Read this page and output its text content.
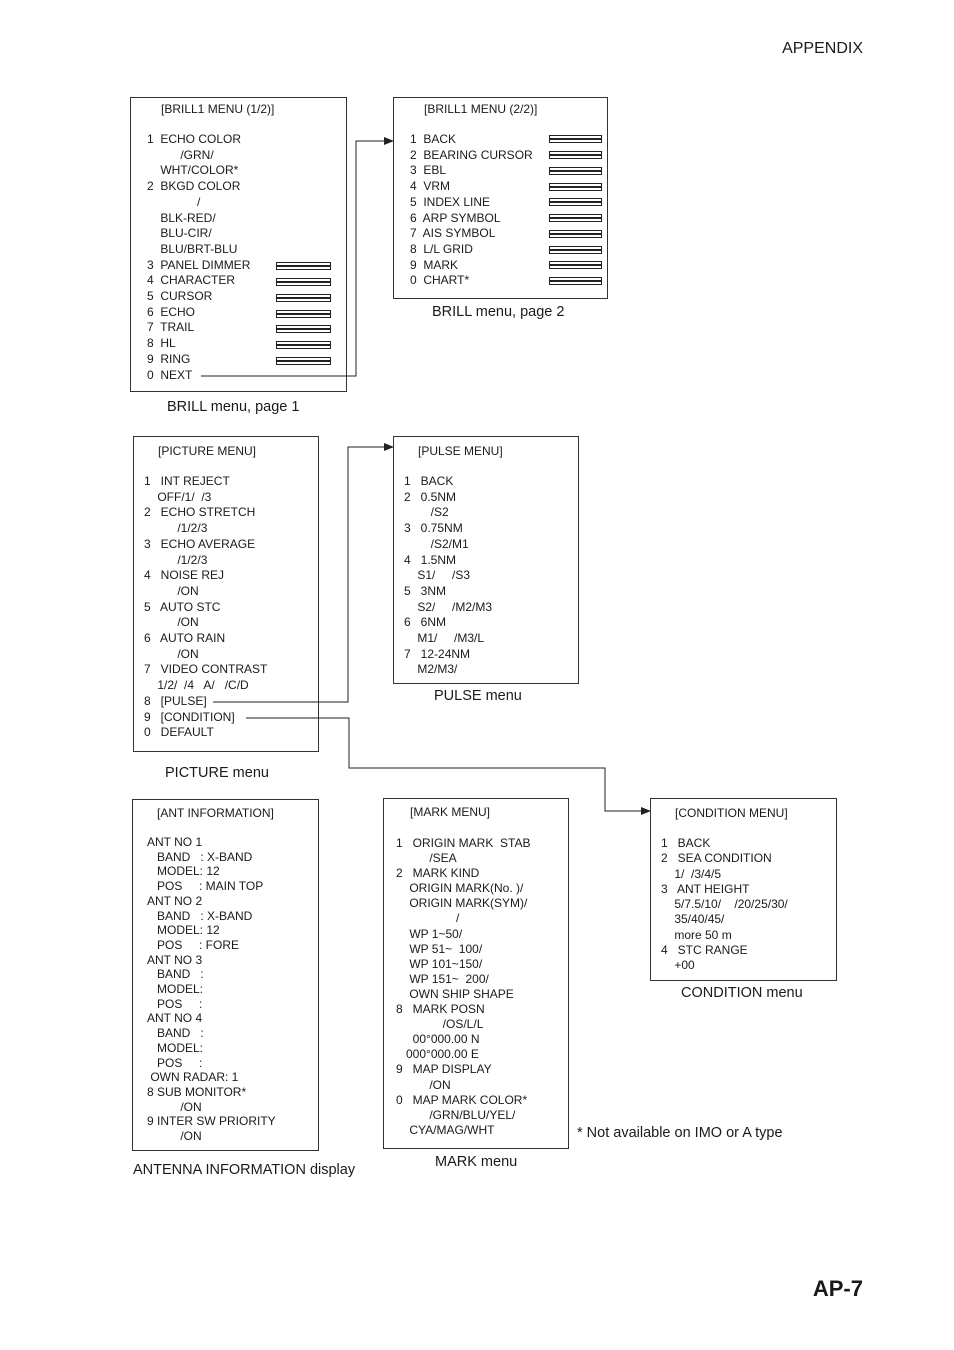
APPENDIX
[BRILL1 MENU (1/2)]
1  ECHO COLOR
/GRN/
WHT/COLOR*
2  BKGD COLOR
/
BLK-RED/
BLU-CIR/
BLU/BRT-BLU
3  PANEL DIMMER
4  CHARACTER
5  CURSOR
6  ECHO
7  TRAIL
8  HL
9  RING
0  NEXT
BRILL menu, page 1
[BRILL1 MENU (2/2)]
1  BACK
2  BEARING CURSOR
3  EBL
4  VRM
5  INDEX LINE
6  ARP SYMBOL
7  AIS SYMBOL
8  L/L GRID
9  MARK
0  CHART*
BRILL menu, page 2
[PICTURE MENU]
1   INT REJECT
OFF/1/  /3
2   ECHO STRETCH
/1/2/3
3   ECHO AVERAGE
/1/2/3
4   NOISE REJ
/ON
5   AUTO STC
/ON
6   AUTO RAIN
/ON
7   VIDEO CONTRAST
1/2/  /4   A/   /C/D
8   [PULSE]
9   [CONDITION]
0   DEFAULT
PICTURE menu
[PULSE MENU]
1   BACK
2   0.5NM
/S2
3   0.75NM
/S2/M1
4   1.5NM
S1/     /S3
5   3NM
S2/     /M2/M3
6   6NM
M1/     /M3/L
7   12-24NM
M2/M3/
PULSE menu
[ANT INFORMATION]
ANT NO 1
BAND   : X-BAND
MODEL: 12
POS     : MAIN TOP
ANT NO 2
BAND   : X-BAND
MODEL: 12
POS     : FORE
ANT NO 3
BAND   :
MODEL:
POS     :
ANT NO 4
BAND   :
MODEL:
POS     :
OWN RADAR: 1
8 SUB MONITOR*
/ON
9 INTER SW PRIORITY
/ON
ANTENNA INFORMATION display
[MARK MENU]
1   ORIGIN MARK  STAB
/SEA
2   MARK KIND
ORIGIN MARK(No. )/
ORIGIN MARK(SYM)/
/
WP 1~50/
WP 51~  100/
WP 101~150/
WP 151~  200/
OWN SHIP SHAPE
8   MARK POSN
/OS/L/L
00°000.00 N
000°000.00 E
9   MAP DISPLAY
/ON
0   MAP MARK COLOR*
/GRN/BLU/YEL/
CYA/MAG/WHT
MARK menu
[CONDITION MENU]
1   BACK
2   SEA CONDITION
1/  /3/4/5
3   ANT HEIGHT
5/7.5/10/    /20/25/30/
35/40/45/
more 50 m
4   STC RANGE
+00
CONDITION menu
* Not available on IMO or A type
AP-7
